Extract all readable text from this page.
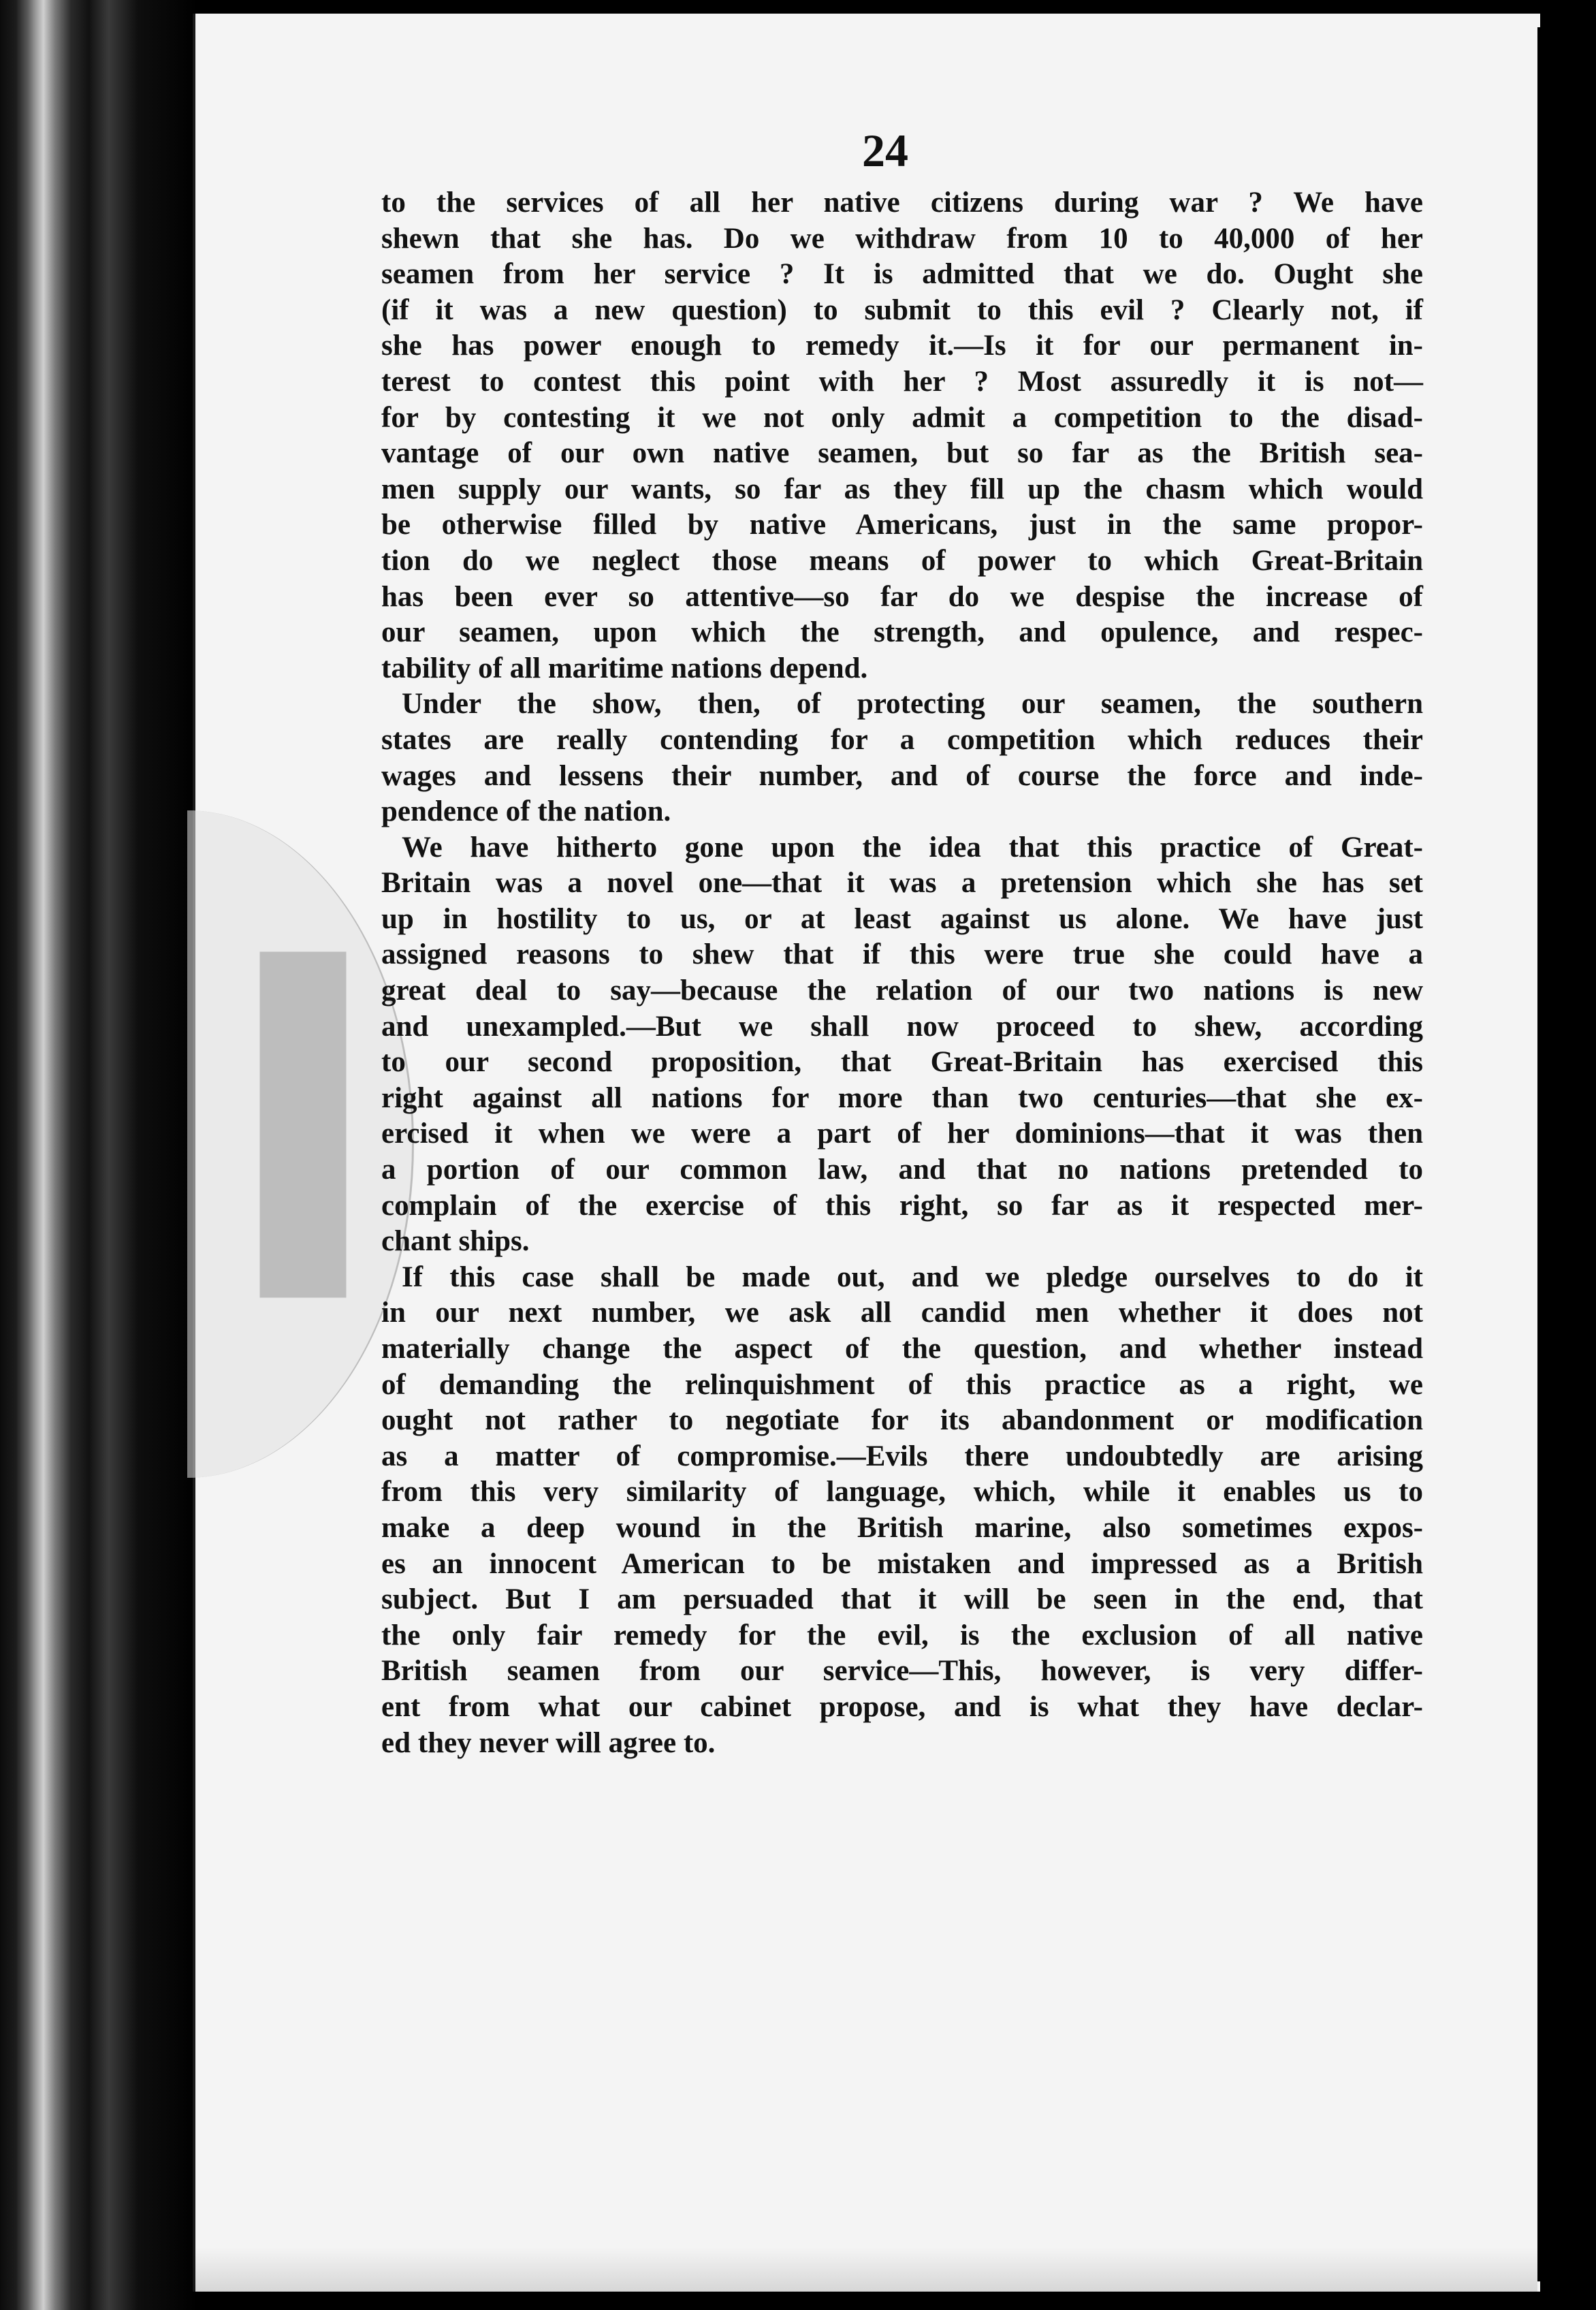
24
to the services of all her native citizens during war ? We have
shewn that she has. Do we withdraw from 10 to 40,000 of her
seamen from her service ? It is admitted that we do. Ought she
(if it was a new question) to submit to this evil ? Clearly not, if
she has power enough to remedy it.—Is it for our permanent in-
terest to contest this point with her ? Most assuredly it is not—
for by contesting it we not only admit a competition to the disad-
vantage of our own native seamen, but so far as the British sea-
men supply our wants, so far as they fill up the chasm which would
be otherwise filled by native Americans, just in the same propor-
tion do we neglect those means of power to which Great-Britain
has been ever so attentive—so far do we despise the increase of
our seamen, upon which the strength, and opulence, and respec-
tability of all maritime nations depend.
Under the show, then, of protecting our seamen, the southern
states are really contending for a competition which reduces their
wages and lessens their number, and of course the force and inde-
pendence of the nation.
We have hitherto gone upon the idea that this practice of Great-
Britain was a novel one—that it was a pretension which she has set
up in hostility to us, or at least against us alone. We have just
assigned reasons to shew that if this were true she could have a
great deal to say—because the relation of our two nations is new
and unexampled.—But we shall now proceed to shew, according
to our second proposition, that Great-Britain has exercised this
right against all nations for more than two centuries—that she ex-
ercised it when we were a part of her dominions—that it was then
a portion of our common law, and that no nations pretended to
complain of the exercise of this right, so far as it respected mer-
chant ships.
If this case shall be made out, and we pledge ourselves to do it
in our next number, we ask all candid men whether it does not
materially change the aspect of the question, and whether instead
of demanding the relinquishment of this practice as a right, we
ought not rather to negotiate for its abandonment or modification
as a matter of compromise.—Evils there undoubtedly are arising
from this very similarity of language, which, while it enables us to
make a deep wound in the British marine, also sometimes expos-
es an innocent American to be mistaken and impressed as a British
subject. But I am persuaded that it will be seen in the end, that
the only fair remedy for the evil, is the exclusion of all native
British seamen from our service—This, however, is very differ-
ent from what our cabinet propose, and is what they have declar-
ed they never will agree to.
